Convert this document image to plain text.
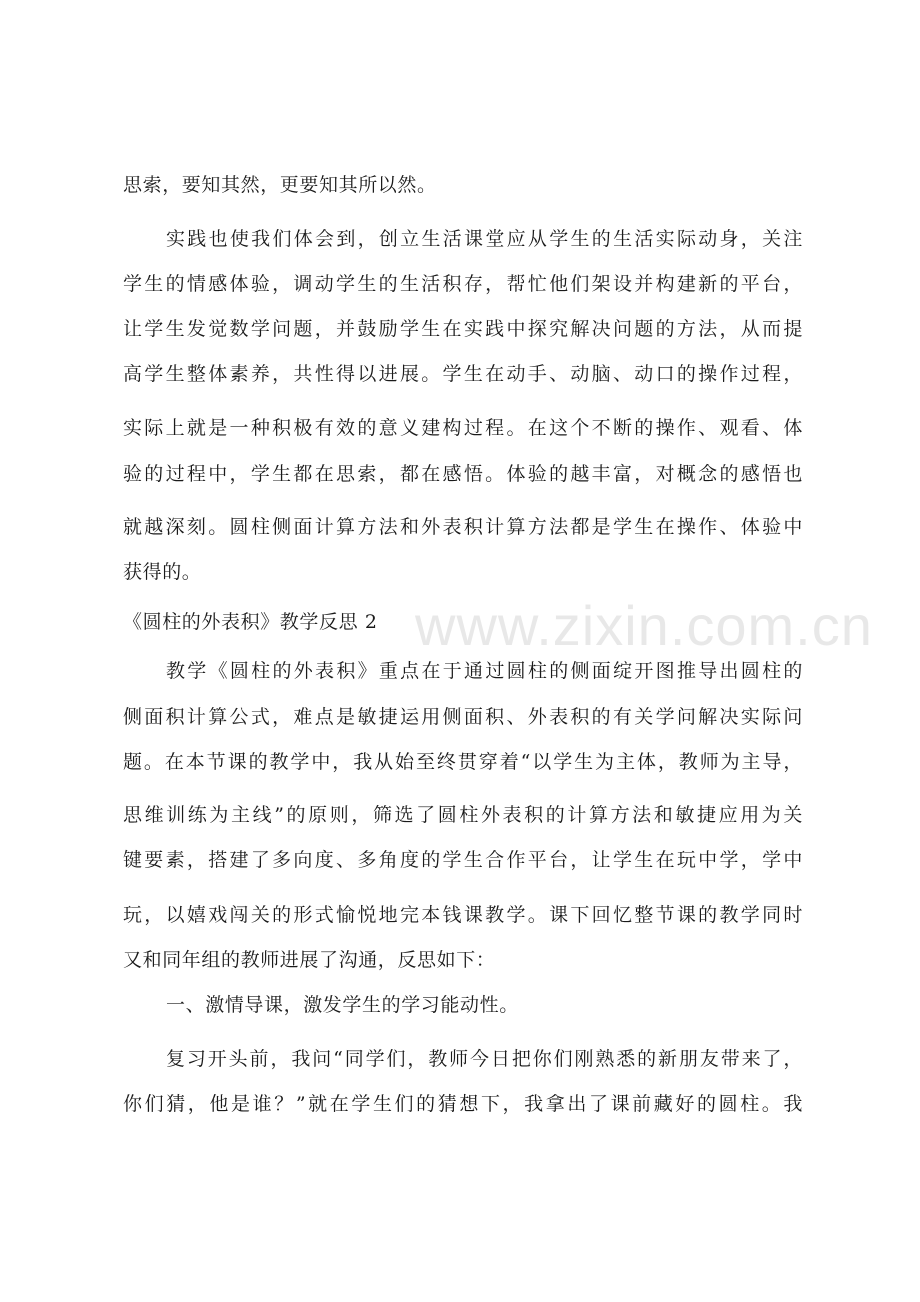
思索，要知其然，更要知其所以然。
实践也使我们体会到，创立生活课堂应从学生的生活实际动身，关注
学生的情感体验，调动学生的生活积存，帮忙他们架设并构建新的平台，
让学生发觉数学问题，并鼓励学生在实践中探究解决问题的方法，从而提
高学生整体素养，共性得以进展。学生在动手、动脑、动口的操作过程，
实际上就是一种积极有效的意义建构过程。在这个不断的操作、观看、体
验的过程中，学生都在思索，都在感悟。体验的越丰富，对概念的感悟也
就越深刻。圆柱侧面计算方法和外表积计算方法都是学生在操作、体验中
获得的。
《圆柱的外表积》教学反思 2
教学《圆柱的外表积》重点在于通过圆柱的侧面绽开图推导出圆柱的
侧面积计算公式，难点是敏捷运用侧面积、外表积的有关学问解决实际问
题。在本节课的教学中，我从始至终贯穿着“以学生为主体，教师为主导，
思维训练为主线”的原则，筛选了圆柱外表积的计算方法和敏捷应用为关
键要素，搭建了多向度、多角度的学生合作平台，让学生在玩中学，学中
玩，以嬉戏闯关的形式愉悦地完本钱课教学。课下回忆整节课的教学同时
又和同年组的教师进展了沟通，反思如下：
一、激情导课，激发学生的学习能动性。
复习开头前，我问“同学们，教师今日把你们刚熟悉的新朋友带来了，
你们猜，他是谁？”就在学生们的猜想下，我拿出了课前藏好的圆柱。我
www.zixin.com.cn
